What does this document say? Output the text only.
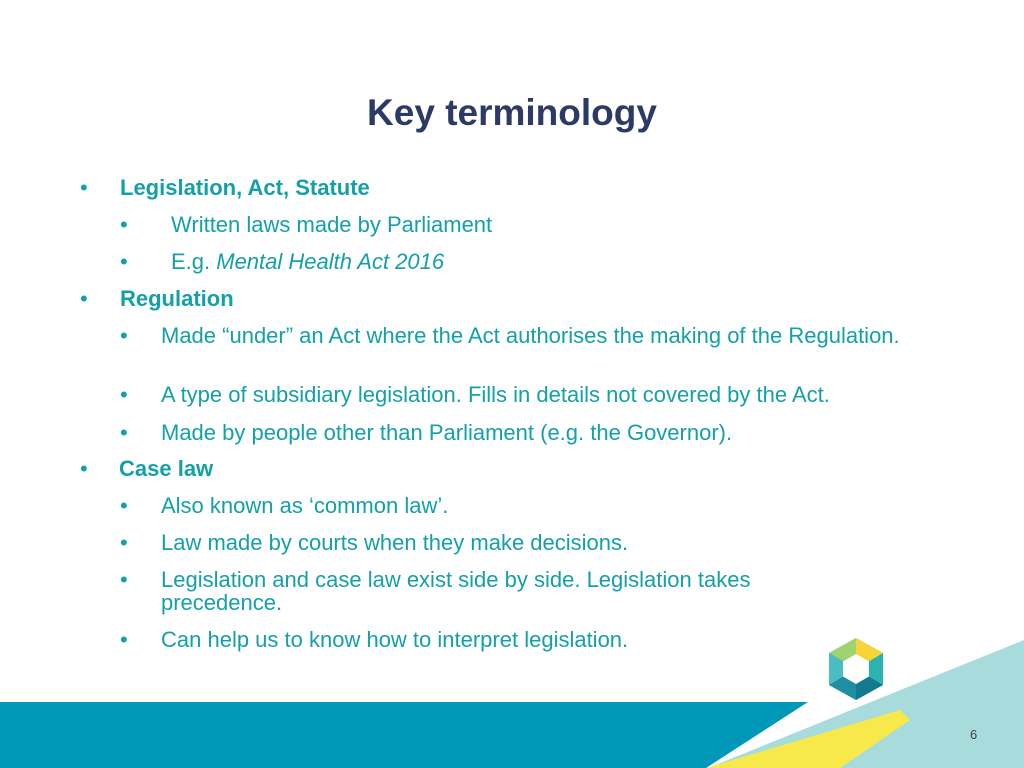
Key terminology
• Legislation, Act, Statute
• Written laws made by Parliament
• E.g. Mental Health Act 2016
• Regulation
• Made “under” an Act where the Act authorises the making of the Regulation.
• A type of subsidiary legislation. Fills in details not covered by the Act.
• Made by people other than Parliament (e.g. the Governor).
• Case law
• Also known as ‘common law’.
• Law made by courts when they make decisions.
• Legislation and case law exist side by side. Legislation takes precedence.
• Can help us to know how to interpret legislation.
6
